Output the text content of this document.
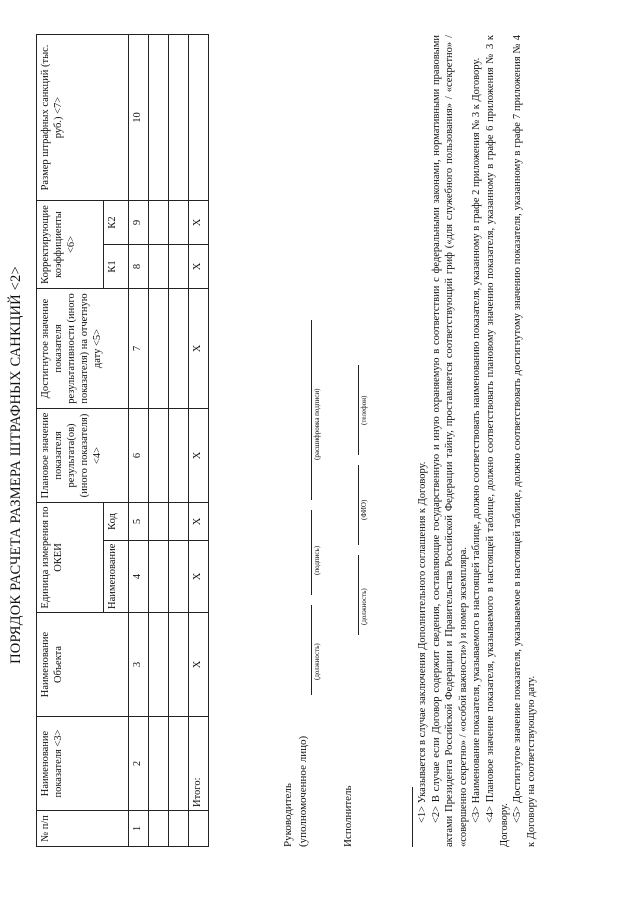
ПОРЯДОК РАСЧЕТА РАЗМЕРА ШТРАФНЫХ САНКЦИЙ <2>
№ п/п	Наименование показателя <3>	Наименование Объекта	Единица измерения по ОКЕИ		Плановое значение показателя результата(ов) (иного показателя) <4>	Достигнутое значение показателя результативности (иного показателя) на отчетную дату <5>	Корректирующие коэффициенты <6>		Размер штрафных санкций (тыс. руб.) <7>
			Наименование	Код			К1	К2	
1	2	3	4	5	6	7	8	9	10

	Итого:	X	X	X	X	X	X	X	
Руководитель (уполномоченное лицо)
(должность)
(подпись)
(расшифровка подписи)
Исполнитель
(должность)
(ФИО)
(телефон)

<1> Указывается в случае заключения Дополнительного соглашения к Договору. <2> В случае если Договор содержит сведения, составляющие государственную и иную охраняемую в соответствии с федеральными законами, нормативными правовыми актами Президента Российской Федерации и Правительства Российской Федерации тайну, проставляется соответствующий гриф («для служебного пользования» / «секретно» / «совершенно секретно» / «особой важности») и номер экземпляра. <3> Наименование показателя, указываемого в настоящей таблице, должно соответствовать наименованию показателя, указанному в графе 2 приложения № 3 к Договору. <4> Плановое значение показателя, указываемого в настоящей таблице, должно соответствовать плановому значению показателя, указанному в графе 6 приложения № 3 к Договору.

<5> Достигнутое значение показателя, указываемое в настоящей таблице, должно соответствовать достигнутому значению показателя, указанному в графе 7 приложения № 4 к Договору на соответствующую дату.
